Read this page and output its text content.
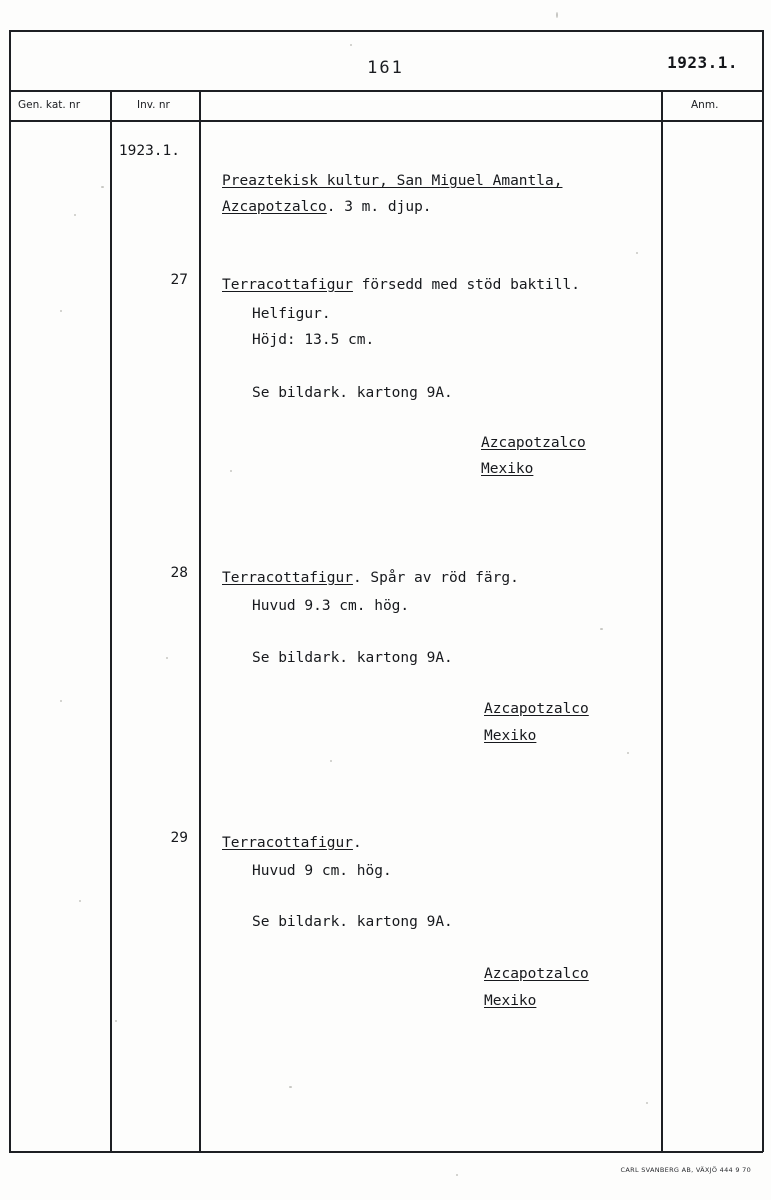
161	1923.1.
Gen. kat. nr	Inv. nr	Anm.
1923.1.
Preaztekisk kultur, San Miguel Amantla,
Azcapotzalco. 3 m. djup.
27 Terracottafigur försedd med stöd baktill.
Helfigur.
Höjd: 13.5 cm.
Se bildark. kartong 9A.
Azcapotzalco
Mexiko
28 Terracottafigur. Spår av röd färg.
Huvud 9.3 cm. hög.
Se bildark. kartong 9A.
Azcapotzalco
Mexiko
29 Terracottafigur.
Huvud 9 cm. hög.
Se bildark. kartong 9A.
Azcapotzalco
Mexiko
CARL SVANBERG AB, VÄXJÖ 444 9 70
